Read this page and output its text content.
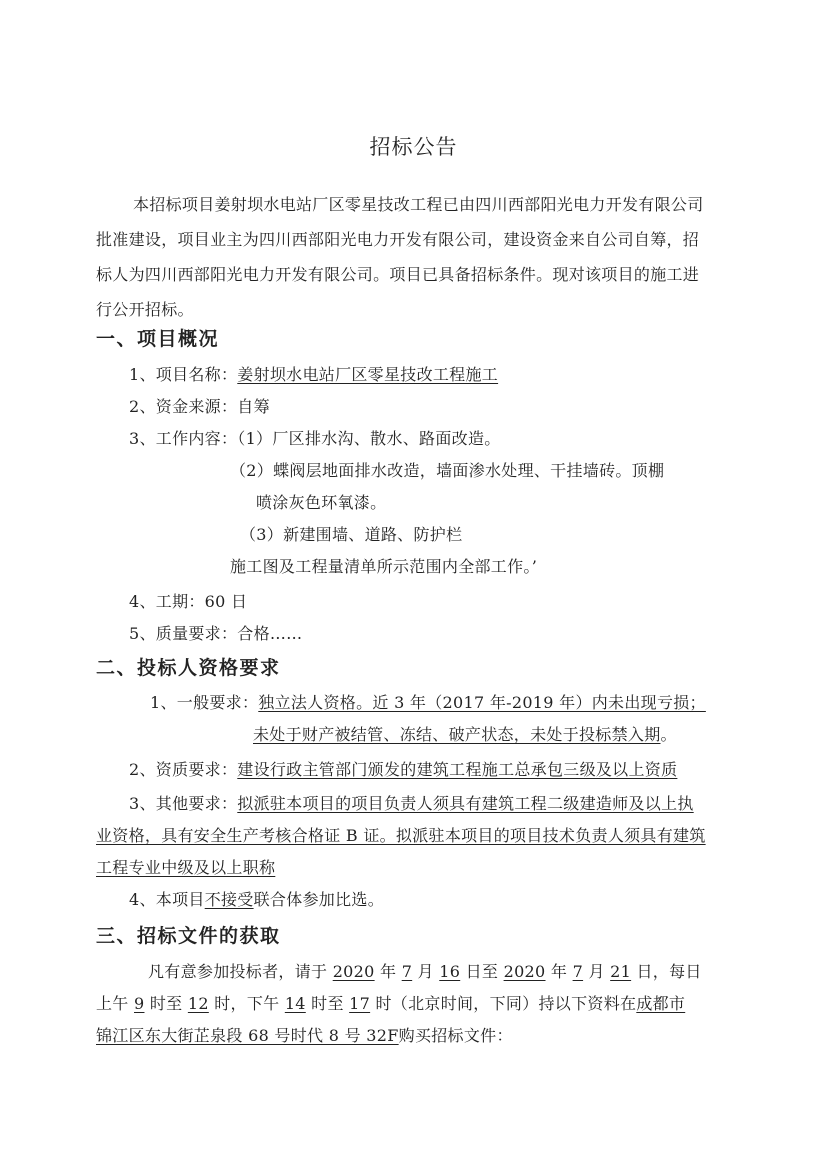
招标公告
本招标项目姜射坝水电站厂区零星技改工程已由四川西部阳光电力开发有限公司
批准建设，项目业主为四川西部阳光电力开发有限公司，建设资金来自公司自筹，招
标人为四川西部阳光电力开发有限公司。项目已具备招标条件。现对该项目的施工进
行公开招标。
一、项目概况
1、项目名称：姜射坝水电站厂区零星技改工程施工
2、资金来源：自筹
3、工作内容：（1）厂区排水沟、散水、路面改造。
（2）蝶阀层地面排水改造，墙面渗水处理、干挂墙砖。顶棚
喷涂灰色环氧漆。
（3）新建围墙、道路、防护栏
施工图及工程量清单所示范围内全部工作。’
4、工期：60 日
5、质量要求：合格……
二、投标人资格要求
1、一般要求：独立法人资格。近 3 年（2017 年-2019 年）内未出现亏损；
未处于财产被结管、冻结、破产状态，未处于投标禁入期。
2、资质要求：建设行政主管部门颁发的建筑工程施工总承包三级及以上资质
3、其他要求：拟派驻本项目的项目负责人须具有建筑工程二级建造师及以上执
业资格，具有安全生产考核合格证 B 证。拟派驻本项目的项目技术负责人须具有建筑
工程专业中级及以上职称
4、本项目不接受联合体参加比选。
三、招标文件的获取
凡有意参加投标者，请于 2020 年 7 月 16 日至 2020 年 7 月 21 日，每日
上午 9 时至 12 时，下午 14 时至 17 时（北京时间，下同）持以下资料在成都市
锦江区东大街芷泉段 68 号时代 8 号 32F购买招标文件：
